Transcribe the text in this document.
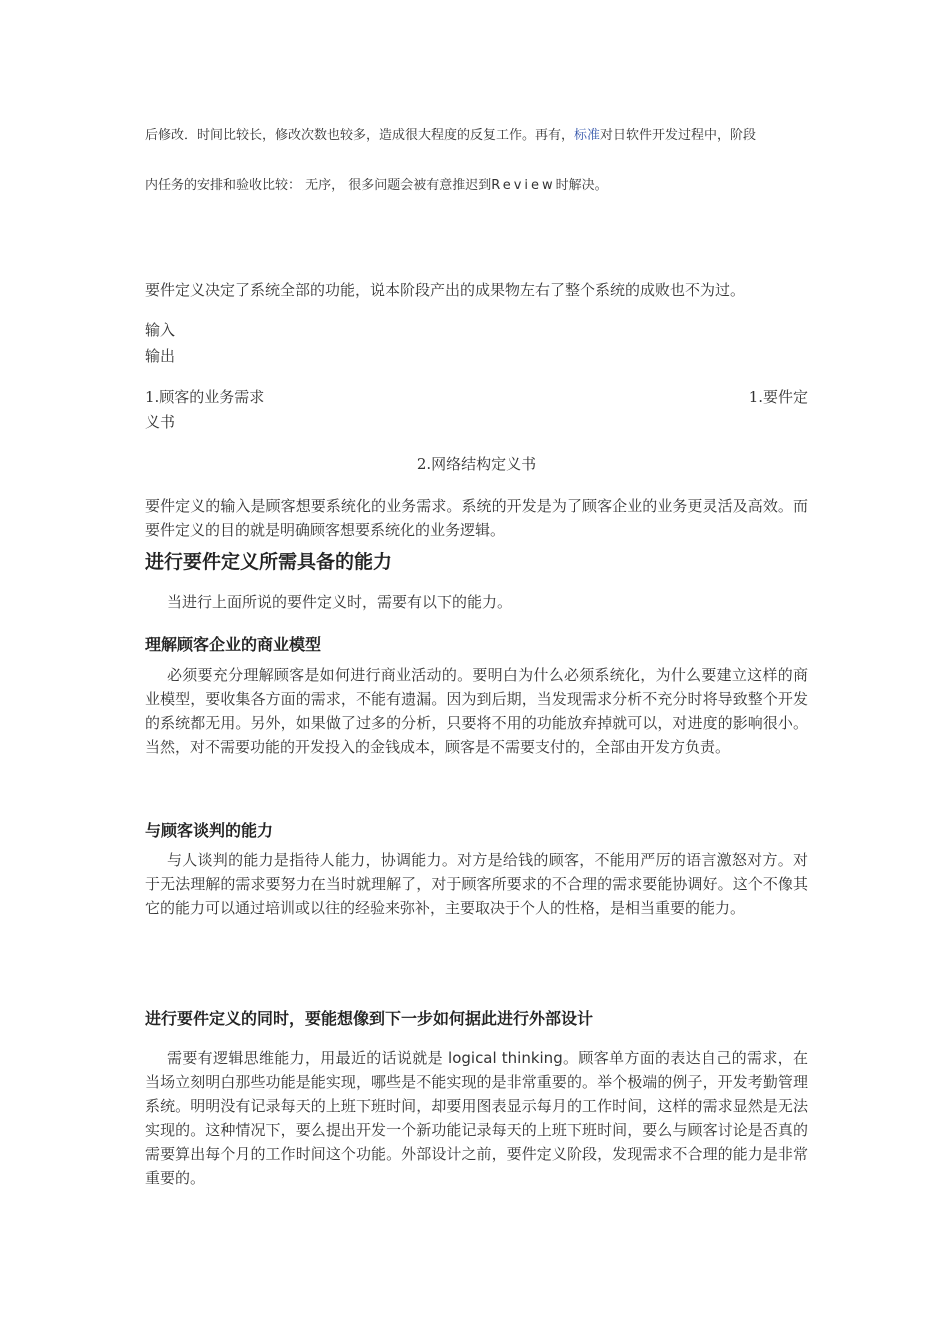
后修改．时间比较长，修改次数也较多，造成很大程度的反复工作。再有，标准对日软件开发过程中，阶段
内任务的安排和验收比较： 无序， 很多问题会被有意推迟到Review时解决。
要件定义决定了系统全部的功能，说本阶段产出的成果物左右了整个系统的成败也不为过。
输入
输出
1.顾客的业务需求	1.要件定
义书
2.网络结构定义书
要件定义的输入是顾客想要系统化的业务需求。系统的开发是为了顾客企业的业务更灵活及高效。而要件定义的目的就是明确顾客想要系统化的业务逻辑。
进行要件定义所需具备的能力
当进行上面所说的要件定义时，需要有以下的能力。
理解顾客企业的商业模型
必须要充分理解顾客是如何进行商业活动的。要明白为什么必须系统化，为什么要建立这样的商业模型，要收集各方面的需求，不能有遗漏。因为到后期，当发现需求分析不充分时将导致整个开发的系统都无用。另外，如果做了过多的分析，只要将不用的功能放弃掉就可以，对进度的影响很小。当然，对不需要功能的开发投入的金钱成本，顾客是不需要支付的，全部由开发方负责。
与顾客谈判的能力
与人谈判的能力是指待人能力，协调能力。对方是给钱的顾客，不能用严厉的语言激怒对方。对于无法理解的需求要努力在当时就理解了，对于顾客所要求的不合理的需求要能协调好。这个不像其它的能力可以通过培训或以往的经验来弥补，主要取决于个人的性格，是相当重要的能力。
进行要件定义的同时，要能想像到下一步如何据此进行外部设计
需要有逻辑思维能力，用最近的话说就是 logical thinking。顾客单方面的表达自己的需求，在当场立刻明白那些功能是能实现，哪些是不能实现的是非常重要的。举个极端的例子，开发考勤管理系统。明明没有记录每天的上班下班时间，却要用图表显示每月的工作时间，这样的需求显然是无法实现的。这种情况下，要么提出开发一个新功能记录每天的上班下班时间，要么与顾客讨论是否真的需要算出每个月的工作时间这个功能。外部设计之前，要件定义阶段，发现需求不合理的能力是非常重要的。
